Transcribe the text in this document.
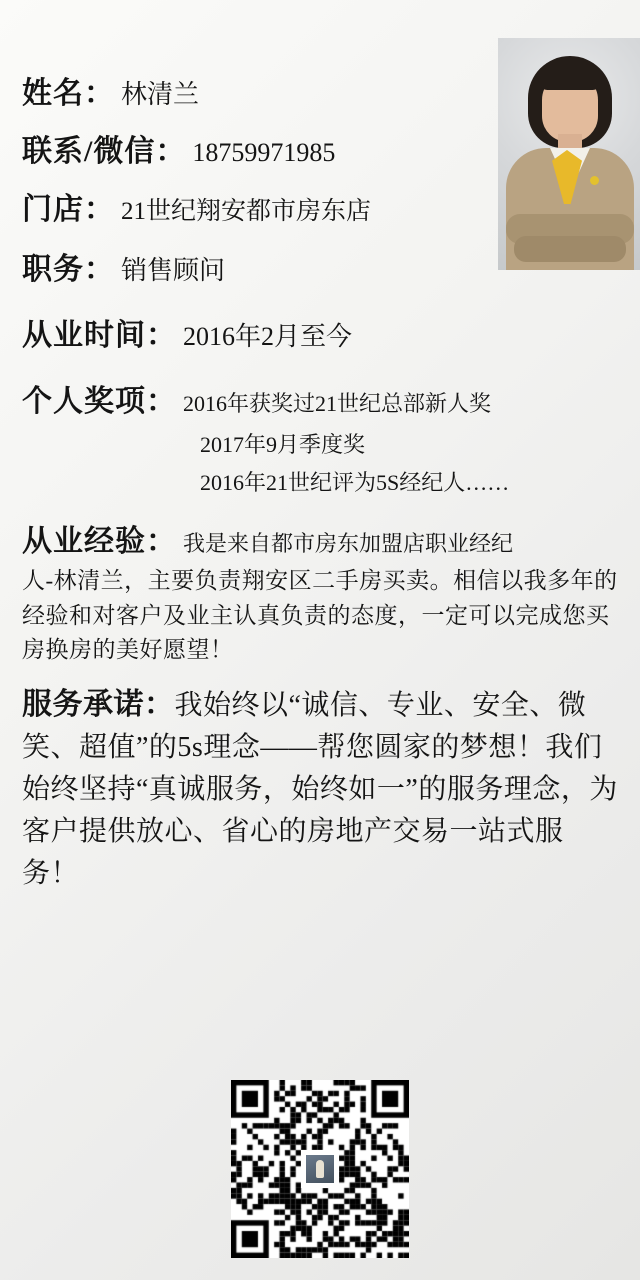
姓名： 林清兰
联系/微信： 18759971985
门店： 21世纪翔安都市房东店
职务： 销售顾问
从业时间： 2016年2月至今
个人奖项： 2016年获奖过21世纪总部新人奖
2017年9月季度奖
2016年21世纪评为5S经纪人……
从业经验： 我是来自都市房东加盟店职业经纪
人-林清兰，主要负责翔安区二手房买卖。相信以我多年的经验和对客户及业主认真负责的态度，一定可以完成您买房换房的美好愿望！
服务承诺：我始终以“诚信、专业、安全、微笑、超值”的5s理念——帮您圆家的梦想！我们始终坚持“真诚服务，始终如一”的服务理念，为客户提供放心、省心的房地产交易一站式服务！
